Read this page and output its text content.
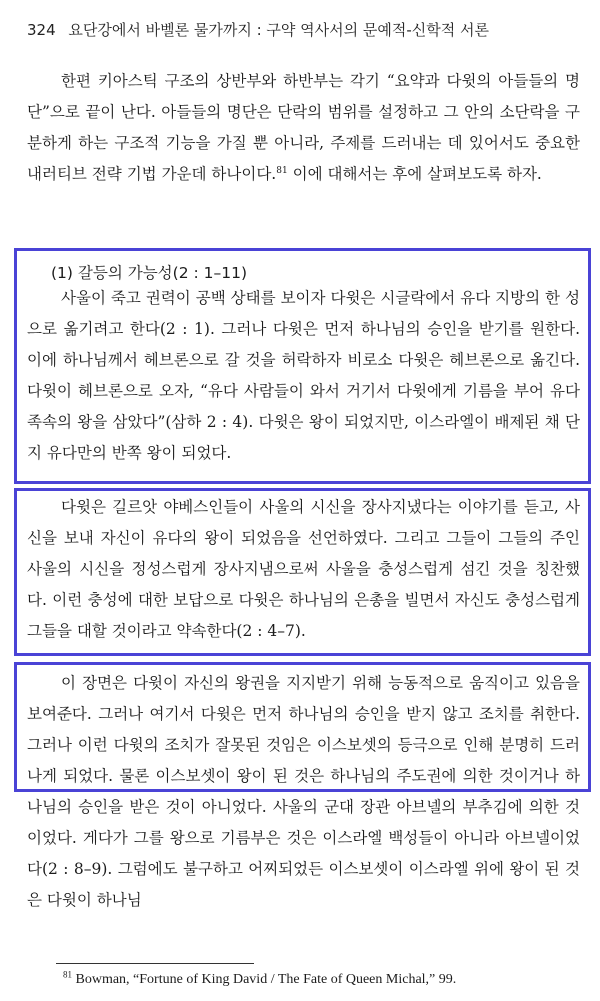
324 요단강에서 바벨론 물가까지 : 구약 역사서의 문예적-신학적 서론

한편 키아스틱 구조의 상반부와 하반부는 각기 “요약과 다윗의 아들들의 명단”으로 끝이 난다. 아들들의 명단은 단락의 범위를 설정하고 그 안의 소단락을 구분하게 하는 구조적 기능을 가질 뿐 아니라, 주제를 드러내는 데 있어서도 중요한 내러티브 전략 기법 가운데 하나이다.$^{81}$ 이에 대해서는 후에 살펴보도록 하자.

(1) 갈등의 가능성(2 : 1–11)

사울이 죽고 권력이 공백 상태를 보이자 다윗은 시글락에서 유다 지방의 한 성으로 옮기려고 한다(2 : 1). 그러나 다윗은 먼저 하나님의 승인을 받기를 원한다. 이에 하나님께서 헤브론으로 갈 것을 허락하자 비로소 다윗은 헤브론으로 옮긴다. 다윗이 헤브론으로 오자, “유다 사람들이 와서 거기서 다윗에게 기름을 부어 유다 족속의 왕을 삼았다”(삼하 2 : 4). 다윗은 왕이 되었지만, 이스라엘이 배제된 채 단지 유다만의 반쪽 왕이 되었다.

다윗은 길르앗 야베스인들이 사울의 시신을 장사지냈다는 이야기를 듣고, 사신을 보내 자신이 유다의 왕이 되었음을 선언하였다. 그리고 그들이 그들의 주인 사울의 시신을 정성스럽게 장사지냄으로써 사울을 충성스럽게 섬긴 것을 칭찬했다. 이런 충성에 대한 보답으로 다윗은 하나님의 은총을 빌면서 자신도 충성스럽게 그들을 대할 것이라고 약속한다(2 : 4–7).

이 장면은 다윗이 자신의 왕권을 지지받기 위해 능동적으로 움직이고 있음을 보여준다. 그러나 여기서 다윗은 먼저 하나님의 승인을 받지 않고 조치를 취한다. 그러나 이런 다윗의 조치가 잘못된 것임은 이스보셋의 등극으로 인해 분명히 드러나게 되었다. 물론 이스보셋이 왕이 된 것은 하나님의 주도권에 의한 것이거나 하나님의 승인을 받은 것이 아니었다. 사울의 군대 장관 아브넬의 부추김에 의한 것이었다. 게다가 그를 왕으로 기름부은 것은 이스라엘 백성들이 아니라 아브넬이었다(2 : 8–9). 그럼에도 불구하고 어찌되었든 이스보셋이 이스라엘 위에 왕이 된 것은 다윗이 하나님

$^{81}$ Bowman, “Fortune of King David / The Fate of Queen Michal,” 99.
